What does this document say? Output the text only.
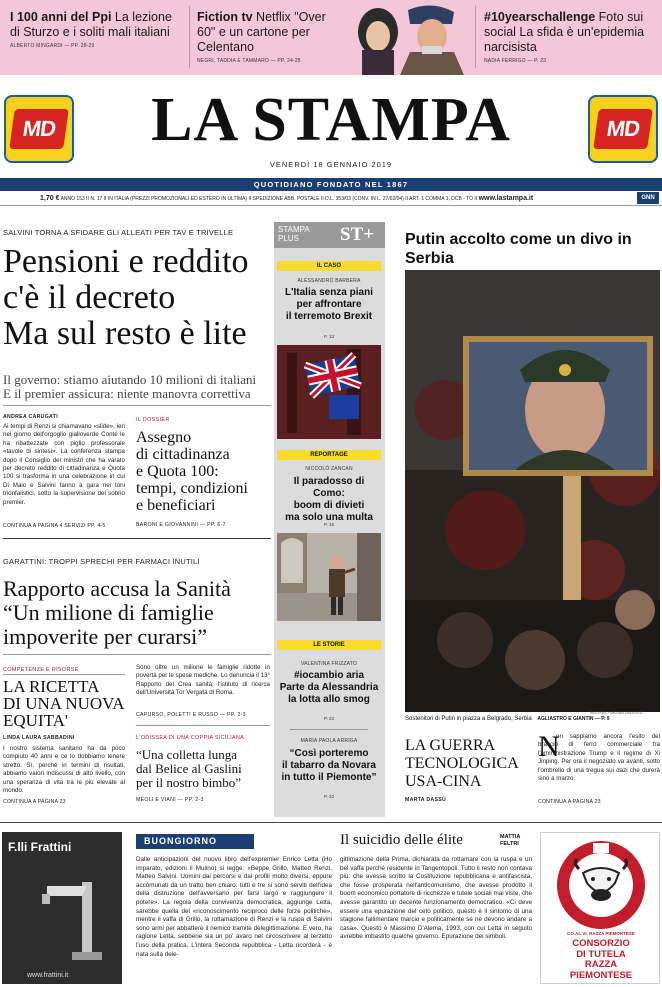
I 100 anni del Ppi La lezione di Sturzo e i soliti mali italiani
ALBERTO MINGARDI — PP. 28-29
Fiction tv Netflix "Over 60" e un cartone per Celentano
NEGRI, TADDIA E TAMMARO — PP. 24-25
#10yearschallenge Foto sui social La sfida è un'epidemia narcisista
NADIA FERRIGO — P. 23
MD	MD
LA STAMPA
VENERDÌ 18 GENNAIO 2019
QUOTIDIANO FONDATO NEL 1867
1,70 € ANNO 153 II N. 17 II IN ITALIA (PREZZI PROMOZIONALI ED ESTERO IN ULTIMA) II SPEDIZIONE ABB. POSTALE II D.L. 353/03 (CONV. IN L. 27/02/04) II ART. 1 COMMA 1, DCB - TO II www.lastampa.it	GNN
SALVINI TORNA A SFIDARE GLI ALLEATI PER TAV E TRIVELLE
Pensioni e reddito
c'è il decreto
Ma sul resto è lite
Il governo: stiamo aiutando 10 milioni di italiani
E il premier assicura: niente manovra correttiva
ANDREA CARUGATI
Ai tempi di Renzi si chiamavano «slide», ieri nel giorno dell'orgoglio gialloverde Conte le ha ribattezzate con piglio professorale «tavole di sintesi». La conferenza stampa dopo il Consiglio dei ministri che ha varato per decreto reddito di cittadinanza e Quota 100 si trasforma in una celebrazione in cui Di Maio e Salvini fanno a gara nei toni trionfalistici, sotto la supervisione del sobrio premier.
CONTINUA A PAGINA 4 SERVIZI PP. 4-5
IL DOSSIER
Assegno
di cittadinanza
e Quota 100:
tempi, condizioni
e beneficiari
BARONI E GIOVANNINI — PP. 6-7
GARATTINI: TROPPI SPRECHI PER FARMACI INUTILI
Rapporto accusa la Sanità
“Un milione di famiglie
impoverite per curarsi”
COMPETENZE E RISORSE
LA RICETTA
DI UNA NUOVA
EQUITA'
LINDA LAURA SABBADINI
I nostro sistema sanitario ha da poco compiuto 40 anni e ce lo dobbiamo tenere stretto. Sì, perché in termini di risultati, abbiamo valori indiscussi di alto livello, con una speranza di vita tra le più elevate al mondo.
CONTINUA A PAGINA 23
Sono oltre un milione le famiglie ridotte in povertà per le spese mediche. Lo denuncia il 13° Rapporto del Crea sanità, l'istituto di ricerca dell'Università Tor Vergata di Roma.
CAPURSO, POLETTI E RUSSO — PP. 2-3
L'ODISSEA DI UNA COPPIA SICILIANA
“Una colletta lunga
dal Belice al Gaslini
per il nostro bimbo”
MEOLI E VIANI — PP. 2-3
STAMPA
PLUS	ST+
IL CASO
ALESSANDRO BARBERA
L'Italia senza piani
per affrontare
il terremoto Brexit
P. 13
REPORTAGE
NICCOLÒ ZANCAN
Il paradosso di Como:
boom di divieti
ma solo una multa
P. 15
LE STORIE
VALENTINA FRIZZATO
#iocambio aria
Parte da Alessandria
la lotta allo smog
P. 22
MARIA PAOLA ARRIGA
“Così porteremo
il tabarro da Novara
in tutto il Piemonte”
P. 22
Putin accolto come un divo in Serbia
Sostenitori di Putin in piazza a Belgrado, Serbia AGLIASTRO E GIANTIN — P. 9
REUTERS / SRDJAN ZIVULOVIC
LA GUERRA
TECNOLOGICA
USA-CINA
MARTA DASSÙ
N
on sappiamo ancora l'esito del braccio di ferro commerciale fra l'amministrazione Trump e il regime di Xi Jinping. Per ora il negoziato va avanti, sotto l'ombrello di una tregua sui dazi che durerà sino a marzo.
CONTINUA A PAGINA 23
F.lli Frattini
www.frattini.it
BUONGIORNO
Dalle anticipazioni del nuovo libro dell'expremier Enrico Letta (Ho imparato, edizioni il Mulino) si legge: «Beppe Grillo, Matteo Renzi, Matteo Salvini. Uomini dai percorsi e dai profili molto diversi, eppure accomunati da un tratto ben chiaro: tutti e tre si sono serviti dell'idea della distruzione dell'avversario per farsi largo e raggiungere il potere». La regola della convivenza democratica, aggiunge Letta, sarebbe quella del «riconoscimento reciproco delle forze politiche», mentre il vaffa di Grillo, la rottamazione di Renzi e la ruspa di Salvini sono armi per abbattere il nemico tramite delegittimazione. E vero, ha ragione Letta, sebbene sia un po' avaro nel circoscrivere al terzetto l'uso della pratica. L'intera Seconda repubblica - Letta ricorderà - è nata sulla dele-
Il suicidio delle élite	MATTIA
FELTRI
gittimazione della Prima, dichiarata da rottamare con la ruspa e un bel vaffa perché residente in Tangentopoli. Tutto il resto non contava più: che avesse scritto la Costituzione repubblicana e antifascista, che fosse prosperata nell'anticomunismo, che avesse prodotto il boom economico portatore di ricchezze e tutele sociali mai viste, che avesse garantito un decente funzionamento democratico. «Ci deve essere una epurazione del ceto politico, questo è il sintomo di una stagione fallimentare marcio e politicamente se ne devono andare a casa». Questo è Massimo D'Alema, 1993, con cui Letta in seguito avrebbe imbastito qualche governo. Epurazione dei simboli.	CO.AL.VI. RAZZA PIEMONTESE
CONSORZIO
DI TUTELA
RAZZA
PIEMONTESE
